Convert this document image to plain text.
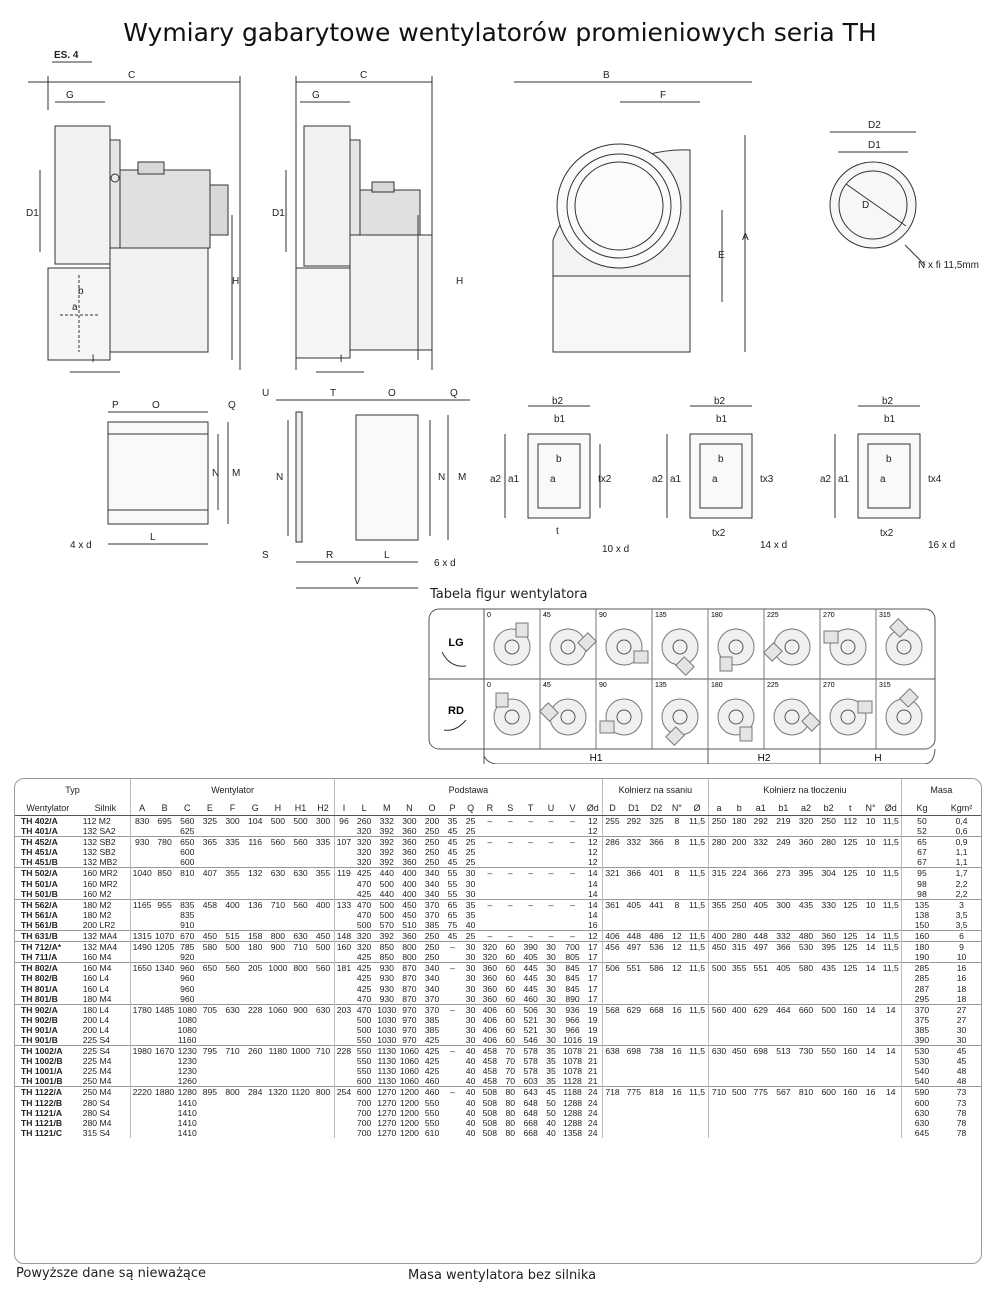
Wymiary gabarytowe wentylatorów promieniowych seria TH
ES. 4
C
G
D1
H
b
a
l
C
G
D1
H
l
B
F
A
E
D2
D1
D
N x fi 11,5mm
P	O	Q
N M
L
4 x d
U	T	O	Q
N	N M
S	R	L
V
6 x d
b2
b1
b
a2 a1	a	tx2
t
10 x d
b2
b1
b
a2 a1	a	tx3
tx2
14 x d
b2
b1
b
a2 a1	a	tx4
tx2
16 x d
Tabela figur wentylatora
LG
RD
0	45	90	135	180	225	270	315
0	45	90	135	180	225	270	315
H1	H2	H
Typ		Wentylator									Podstawa													Kołnierz na ssaniu					Kołnierz na tłoczeniu									Masa	
Wentylator	Silnik	A	B	C	E	F	G	H	H1	H2	I	L	M	N	O	P	Q	R	S	T	U	V	Ød	D	D1	D2	N°	Ø	a	b	a1	b1	a2	b2	t	N°	Ød	Kg	Kgm²
TH 402/A	112 M2	830	695	560	325	300	104	500	500	300	96	260	332	300	200	35	25	–	–	–	–	–	12	255	292	325	8	11,5	250	180	292	219	320	250	112	10	11,5	50	0,4
TH 401/A	132 SA2			625								320	392	360	250	45	25						12															52	0,6
TH 452/A	132 SB2	930	780	650	365	335	116	560	560	335	107	320	392	360	250	45	25	–	–	–	–	–	12	286	332	366	8	11,5	280	200	332	249	360	280	125	10	11,5	65	0,9
TH 451/A	132 SB2			600								320	392	360	250	45	25						12															67	1,1
TH 451/B	132 MB2			600								320	392	360	250	45	25						12															67	1,1
TH 502/A	160 MR2	1040	850	810	407	355	132	630	630	355	119	425	440	400	340	55	30	–	–	–	–	–	14	321	366	401	8	11,5	315	224	366	273	395	304	125	10	11,5	95	1,7
TH 501/A	160 MR2											470	500	400	340	55	30						14															98	2,2
TH 501/B	160 M2											425	440	400	340	55	30						14															98	2,2
TH 562/A	180 M2	1165	955	835	458	400	136	710	560	400	133	470	500	450	370	65	35	–	–	–	–	–	14	361	405	441	8	11,5	355	250	405	300	435	330	125	10	11,5	135	3
TH 561/A	180 M2			835								470	500	450	370	65	35						14															138	3,5
TH 561/B	200 LR2			910								500	570	510	385	75	40						16															150	3,5
TH 631/B	132 MA4	1315	1070	670	450	515	158	800	630	450	148	320	392	360	250	45	25	–	–	–	–	–	12	406	448	486	12	11,5	400	280	448	332	480	360	125	14	11,5	160	6
TH 712/A*	132 MA4	1490	1205	785	580	500	180	900	710	500	160	320	850	800	250	–	30	320	60	390	30	700	17	456	497	536	12	11,5	450	315	497	366	530	395	125	14	11,5	180	9
TH 711/A	160 M4			920								425	850	800	250		30	320	60	405	30	805	17															190	10
TH 802/A	160 M4	1650	1340	960	650	560	205	1000	800	560	181	425	930	870	340	–	30	360	60	445	30	845	17	506	551	586	12	11,5	500	355	551	405	580	435	125	14	11,5	285	16
TH 802/B	160 L4			960								425	930	870	340		30	360	60	445	30	845	17															285	16
TH 801/A	160 L4			960								425	930	870	340		30	360	60	445	30	845	17															287	18
TH 801/B	180 M4			960								470	930	870	370		30	360	60	460	30	890	17															295	18
TH 902/A	180 L4	1780	1485	1080	705	630	228	1060	900	630	203	470	1030	970	370	–	30	406	60	506	30	936	19	568	629	668	16	11,5	560	400	629	464	660	500	160	14	14	370	27
TH 902/B	200 L4			1080								500	1030	970	385		30	406	60	521	30	966	19															375	27
TH 901/A	200 L4			1080								500	1030	970	385		30	406	60	521	30	966	19															385	30
TH 901/B	225 S4			1160								550	1030	970	425		30	406	60	546	30	1016	19															390	30
TH 1002/A	225 S4	1980	1670	1230	795	710	260	1180	1000	710	228	550	1130	1060	425	–	40	458	70	578	35	1078	21	638	698	738	16	11,5	630	450	698	513	730	550	160	14	14	530	45
TH 1002/B	225 M4			1230								550	1130	1060	425		40	458	70	578	35	1078	21															530	45
TH 1001/A	225 M4			1230								550	1130	1060	425		40	458	70	578	35	1078	21															540	48
TH 1001/B	250 M4			1260								600	1130	1060	460		40	458	70	603	35	1128	21															540	48
TH 1122/A	250 M4	2220	1880	1280	895	800	284	1320	1120	800	254	600	1270	1200	460	–	40	508	80	643	45	1188	24	718	775	818	16	11,5	710	500	775	567	810	600	160	16	14	590	73
TH 1122/B	280 S4			1410								700	1270	1200	550		40	508	80	648	50	1288	24															600	73
TH 1121/A	280 S4			1410								700	1270	1200	550		40	508	80	648	50	1288	24															630	78
TH 1121/B	280 M4			1410								700	1270	1200	550		40	508	80	668	40	1288	24															630	78
TH 1121/C	315 S4			1410								700	1270	1200	610		40	508	80	668	40	1358	24															645	78
Powyższe dane są nieważące	Masa wentylatora bez silnika
